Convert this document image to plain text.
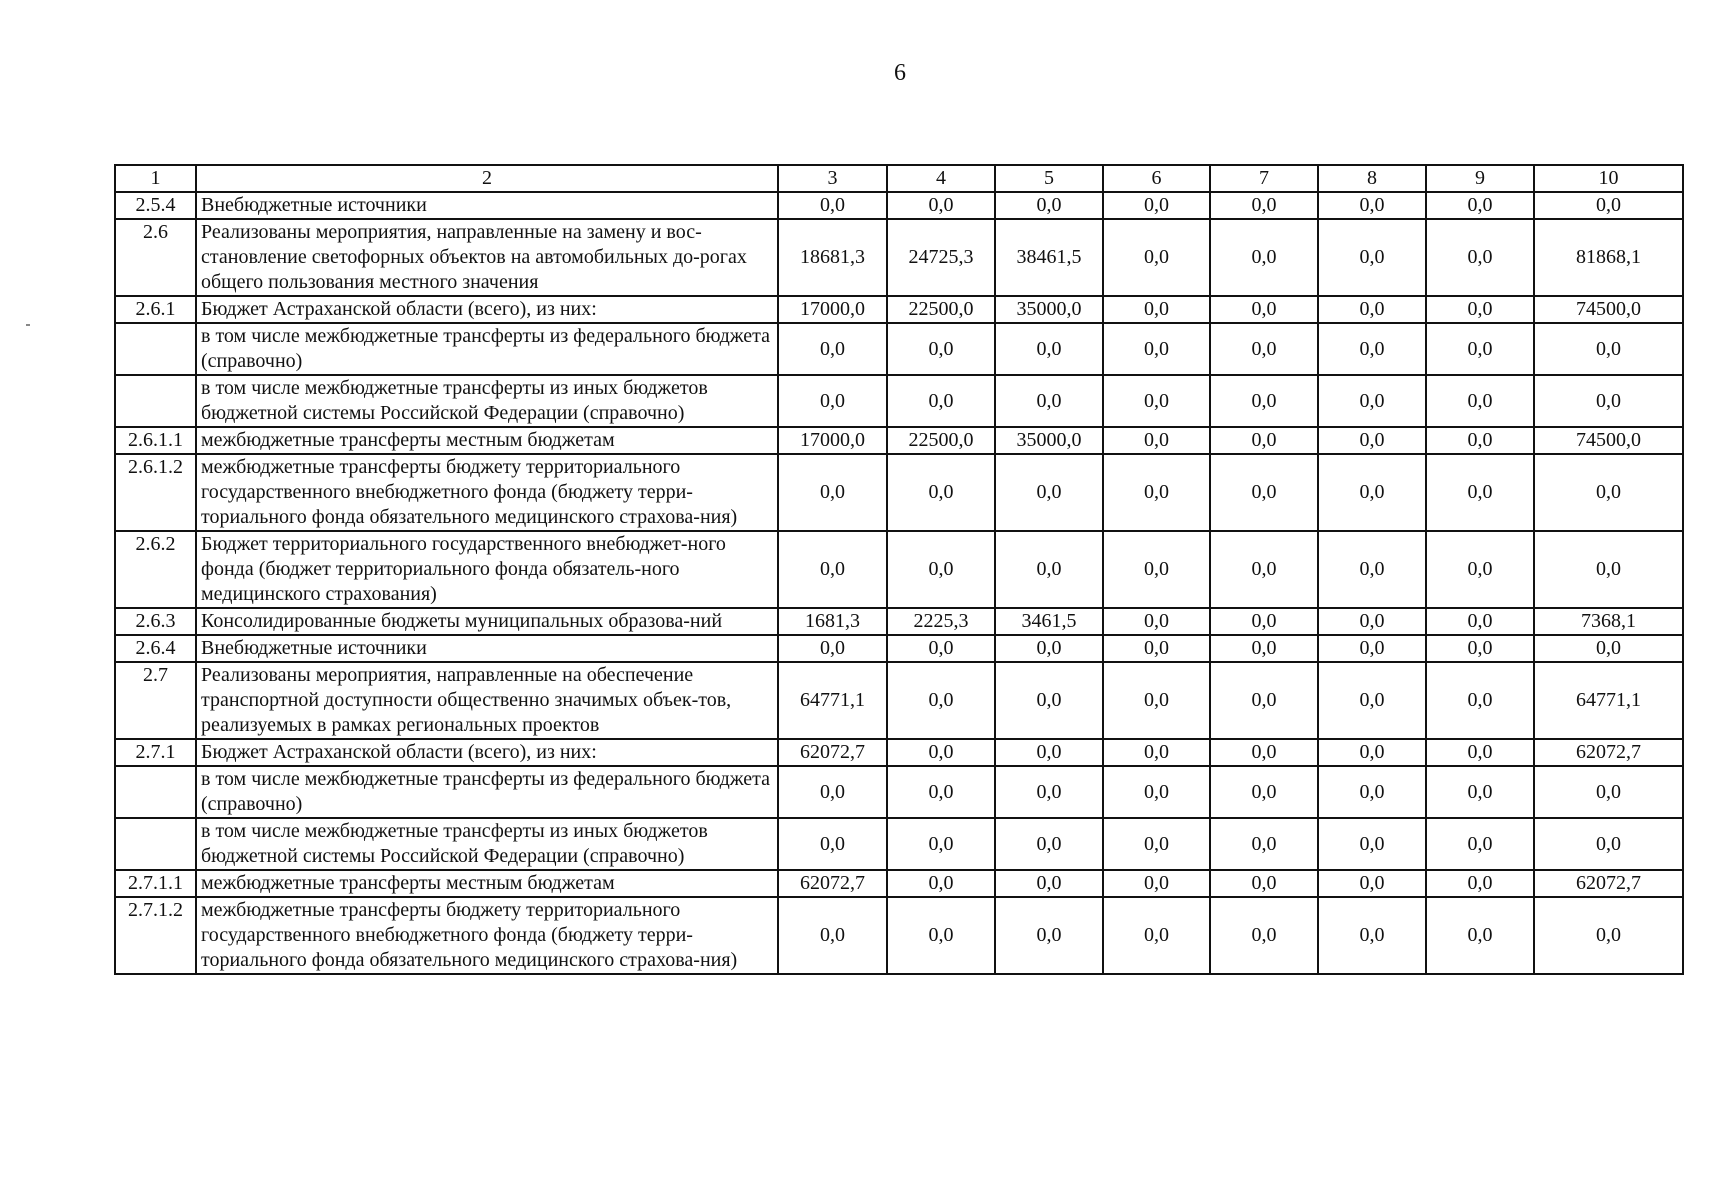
6
1	2	3	4	5	6	7	8	9	10
2.5.4	Внебюджетные источники	0,0	0,0	0,0	0,0	0,0	0,0	0,0	0,0
2.6	Реализованы мероприятия, направленные на замену и вос-становление светофорных объектов на автомобильных до-рогах общего пользования местного значения	18681,3	24725,3	38461,5	0,0	0,0	0,0	0,0	81868,1
2.6.1	Бюджет Астраханской области (всего), из них:	17000,0	22500,0	35000,0	0,0	0,0	0,0	0,0	74500,0
	в том числе межбюджетные трансферты из федерального бюджета (справочно)	0,0	0,0	0,0	0,0	0,0	0,0	0,0	0,0
	в том числе межбюджетные трансферты из иных бюджетов бюджетной системы Российской Федерации (справочно)	0,0	0,0	0,0	0,0	0,0	0,0	0,0	0,0
2.6.1.1	межбюджетные трансферты местным бюджетам	17000,0	22500,0	35000,0	0,0	0,0	0,0	0,0	74500,0
2.6.1.2	межбюджетные трансферты бюджету территориального государственного внебюджетного фонда (бюджету терри-ториального фонда обязательного медицинского страхова-ния)	0,0	0,0	0,0	0,0	0,0	0,0	0,0	0,0
2.6.2	Бюджет территориального государственного внебюджет-ного фонда (бюджет территориального фонда обязатель-ного медицинского страхования)	0,0	0,0	0,0	0,0	0,0	0,0	0,0	0,0
2.6.3	Консолидированные бюджеты муниципальных образова-ний	1681,3	2225,3	3461,5	0,0	0,0	0,0	0,0	7368,1
2.6.4	Внебюджетные источники	0,0	0,0	0,0	0,0	0,0	0,0	0,0	0,0
2.7	Реализованы мероприятия, направленные на обеспечение транспортной доступности общественно значимых объек-тов, реализуемых в рамках региональных проектов	64771,1	0,0	0,0	0,0	0,0	0,0	0,0	64771,1
2.7.1	Бюджет Астраханской области (всего), из них:	62072,7	0,0	0,0	0,0	0,0	0,0	0,0	62072,7
	в том числе межбюджетные трансферты из федерального бюджета (справочно)	0,0	0,0	0,0	0,0	0,0	0,0	0,0	0,0
	в том числе межбюджетные трансферты из иных бюджетов бюджетной системы Российской Федерации (справочно)	0,0	0,0	0,0	0,0	0,0	0,0	0,0	0,0
2.7.1.1	межбюджетные трансферты местным бюджетам	62072,7	0,0	0,0	0,0	0,0	0,0	0,0	62072,7
2.7.1.2	межбюджетные трансферты бюджету территориального государственного внебюджетного фонда (бюджету терри-ториального фонда обязательного медицинского страхова-ния)	0,0	0,0	0,0	0,0	0,0	0,0	0,0	0,0
